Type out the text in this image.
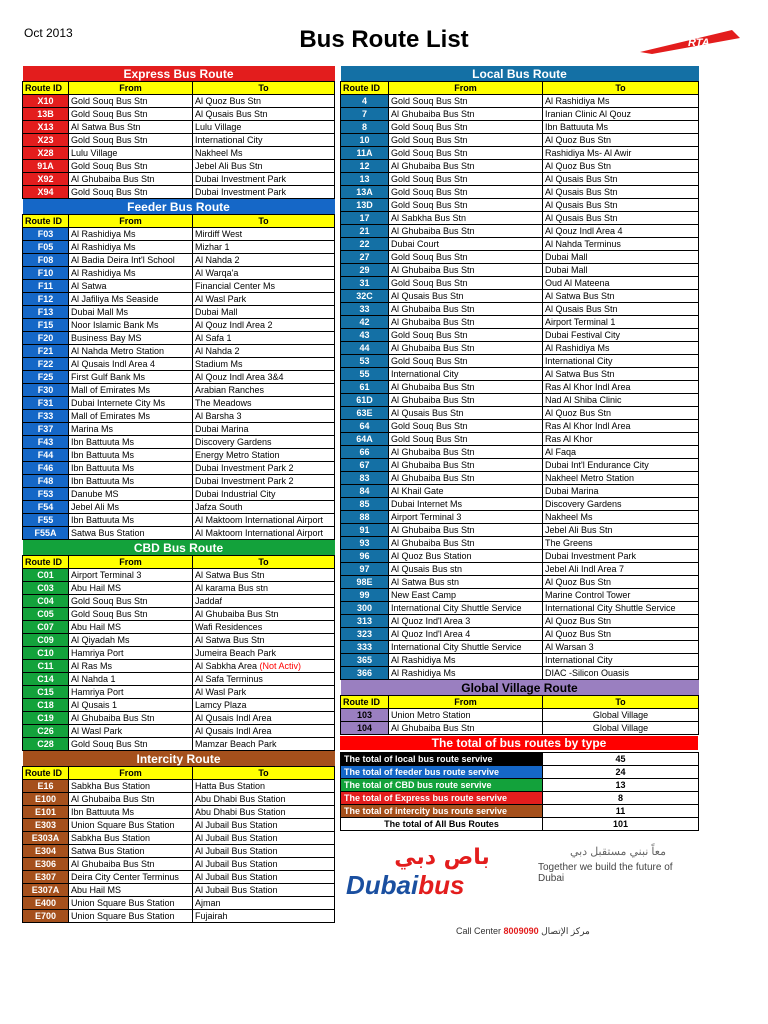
Oct 2013	Bus Route List	RTA
Express Bus Route		
Route ID	From	To
X10	Gold Souq Bus Stn	Al Quoz Bus Stn
13B	Gold Souq Bus Stn	Al Qusais Bus Stn
X13	Al Satwa Bus Stn	Lulu Village
X23	Gold Souq Bus Stn	International City
X28	Lulu Village	Nakheel Ms
91A	Gold Souq Bus Stn	Jebel Ali Bus Stn
X92	Al Ghubaiba Bus Stn	Dubai Investment Park
X94	Gold Souq Bus Stn	Dubai Investment Park
Feeder Bus Route		
Route ID	From	To
F03	Al Rashidiya Ms	Mirdiff West
F05	Al Rashidiya Ms	Mizhar 1
F08	Al Badia Deira Int'l School	Al Nahda 2
F10	Al Rashidiya Ms	Al Warqa'a
F11	Al Satwa	Financial Center Ms
F12	Al Jafiliya Ms Seaside	Al Wasl Park
F13	Dubai Mall Ms	Dubai Mall
F15	Noor Islamic Bank Ms	Al Qouz Indl Area 2
F20	Business Bay MS	Al Safa 1
F21	Al Nahda Metro Station	Al Nahda 2
F22	Al Qusais Indl Area 4	Stadium Ms
F25	First Gulf Bank Ms	Al Qouz Indl Area 3&4
F30	Mall of Emirates Ms	Arabian Ranches
F31	Dubai Internete City Ms	The Meadows
F33	Mall of Emirates Ms	Al Barsha 3
F37	Marina Ms	Dubai Marina
F43	Ibn Battuuta Ms	Discovery Gardens
F44	Ibn Battuuta Ms	Energy Metro Station
F46	Ibn Battuuta Ms	Dubai Investment Park 2
F48	Ibn Battuuta Ms	Dubai Investment Park 2
F53	Danube MS	Dubai Industrial City
F54	Jebel Ali Ms	Jafza South
F55	Ibn Battuuta Ms	Al Maktoom International Airport
F55A	Satwa Bus Station	Al Maktoom International Airport
CBD Bus Route		
Route ID	From	To
C01	Airport Terminal 3	Al Satwa Bus Stn
C03	Abu Hail MS	Al karama Bus stn
C04	Gold Souq Bus Stn	Jaddaf
C05	Gold Souq Bus Stn	Al Ghubaiba Bus Stn
C07	Abu Hail MS	Wafi Residences
C09	Al Qiyadah Ms	Al Satwa Bus Stn
C10	Hamriya Port	Jumeira Beach Park
C11	Al Ras Ms	Al Sabkha Area (Not Activ)
C14	Al Nahda 1	Al Safa Terminus
C15	Hamriya Port	Al Wasl Park
C18	Al Qusais 1	Lamcy Plaza
C19	Al Ghubaiba Bus Stn	Al Qusais Indl Area
C26	Al Wasl Park	Al Qusais Indl Area
C28	Gold Souq Bus Stn	Mamzar Beach Park
Intercity Route		
Route ID	From	To
E16	Sabkha Bus Station	Hatta Bus Station
E100	Al Ghubaiba Bus Stn	Abu Dhabi Bus Station
E101	Ibn Battuuta Ms	Abu Dhabi Bus Station
E303	Union Square Bus Station	Al Jubail Bus Station
E303A	Sabkha Bus Station	Al Jubail Bus Station
E304	Satwa Bus Station	Al Jubail Bus Station
E306	Al Ghubaiba Bus Stn	Al Jubail Bus Station
E307	Deira City Center Terminus	Al Jubail Bus Station
E307A	Abu Hail MS	Al Jubail Bus Station
E400	Union Square Bus Station	Ajman
E700	Union Square Bus Station	Fujairah
Local Bus Route		
Route ID	From	To
4	Gold Souq Bus Stn	Al Rashidiya Ms
7	Al Ghubaiba Bus Stn	Iranian Clinic Al Qouz
8	Gold Souq Bus Stn	Ibn Battuuta Ms
10	Gold Souq Bus Stn	Al Quoz Bus Stn
11A	Gold Souq Bus Stn	Rashidiya Ms- Al Awir
12	Al Ghubaiba Bus Stn	Al Quoz Bus Stn
13	Gold Souq Bus Stn	Al Qusais Bus Stn
13A	Gold Souq Bus Stn	Al Qusais Bus Stn
13D	Gold Souq Bus Stn	Al Qusais Bus Stn
17	Al Sabkha Bus Stn	Al Qusais Bus Stn
21	Al Ghubaiba Bus Stn	Al Qouz Indl Area 4
22	Dubai Court	Al Nahda Terminus
27	Gold Souq Bus Stn	Dubai Mall
29	Al Ghubaiba Bus Stn	Dubai Mall
31	Gold Souq Bus Stn	Oud Al Mateena
32C	Al Qusais Bus Stn	Al Satwa Bus Stn
33	Al Ghubaiba Bus Stn	Al Qusais Bus Stn
42	Al Ghubaiba Bus Stn	Airport Terminal 1
43	Gold Souq Bus Stn	Dubai Festival City
44	Al Ghubaiba Bus Stn	Al Rashidiya Ms
53	Gold Souq Bus Stn	International City
55	International City	Al Satwa Bus Stn
61	Al Ghubaiba Bus Stn	Ras Al Khor Indl Area
61D	Al Ghubaiba Bus Stn	Nad Al Shiba Clinic
63E	Al Qusais Bus Stn	Al Quoz Bus Stn
64	Gold Souq Bus Stn	Ras Al Khor Indl Area
64A	Gold Souq Bus Stn	Ras Al Khor
66	Al Ghubaiba Bus Stn	Al Faqa
67	Al Ghubaiba Bus Stn	Dubai Int'l Endurance City
83	Al Ghubaiba Bus Stn	Nakheel Metro Station
84	Al Khail Gate	Dubai Marina
85	Dubai Internet Ms	Discovery Gardens
88	Airport Terminal 3	Nakheel Ms
91	Al Ghubaiba Bus Stn	Jebel Ali Bus Stn
93	Al Ghubaiba Bus Stn	The Greens
96	Al Quoz Bus Station	Dubai Investment Park
97	Al Qusais Bus stn	Jebel Ali Indl Area 7
98E	Al Satwa Bus stn	Al Quoz Bus Stn
99	New East Camp	Marine Control Tower
300	International City Shuttle Service	International City Shuttle Service
313	Al Quoz Ind'l Area 3	Al Quoz Bus Stn
323	Al Quoz Ind'l Area 4	Al Quoz Bus Stn
333	International City Shuttle Service	Al Warsan 3
365	Al Rashidiya Ms	International City
366	Al Rashidiya Ms	DIAC -Silicon Ouasis
Global Village Route		
Route ID	From	To
103	Union Metro Station	Global Village
104	Al Ghubaiba Bus Stn	Global Village
The total of bus routes by type
The total of local bus route servive	45
The total of feeder bus route servive	24
The total of CBD bus route servive	13
The total of Express bus route servive	8
The total of intercity bus route servive	11
The total of All Bus Routes	101
باص دبي
Dubaibus
معاً نبني مستقبل دبي
Together we build the future of Dubai
Call Center 8009090 مركز الإتصال
